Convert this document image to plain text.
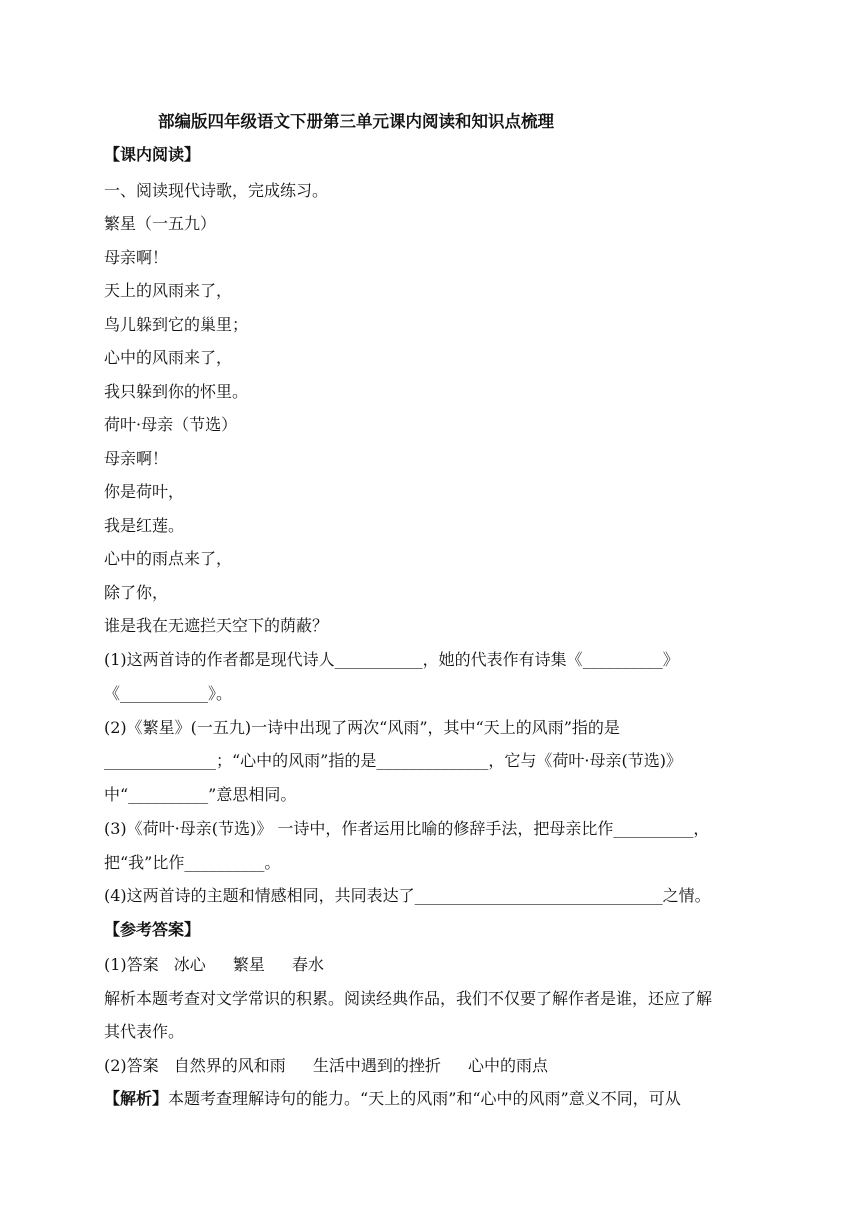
部编版四年级语文下册第三单元课内阅读和知识点梳理
【课内阅读】
一、阅读现代诗歌，完成练习。
繁星（一五九）
母亲啊！
天上的风雨来了，
鸟儿躲到它的巢里；
心中的风雨来了，
我只躲到你的怀里。
荷叶·母亲（节选）
母亲啊！
你是荷叶，
我是红莲。
心中的雨点来了，
除了你，
谁是我在无遮拦天空下的荫蔽？
(1)这两首诗的作者都是现代诗人___________，她的代表作有诗集《__________》
《___________》。
(2)《繁星》(一五九)一诗中出现了两次“风雨”，其中“天上的风雨”指的是
______________；“心中的风雨”指的是______________，它与《荷叶·母亲(节选)》
中“__________”意思相同。
(3)《荷叶·母亲(节选)》 一诗中，作者运用比喻的修辞手法，把母亲比作__________，
把“我”比作__________。
(4)这两首诗的主题和情感相同，共同表达了_______________________________之情。
【参考答案】
(1)答案 冰心 繁星 春水
解析本题考查对文学常识的积累。阅读经典作品，我们不仅要了解作者是谁，还应了解
其代表作。
(2)答案 自然界的风和雨 生活中遇到的挫折 心中的雨点
【解析】本题考查理解诗句的能力。“天上的风雨”和“心中的风雨”意义不同，可从
